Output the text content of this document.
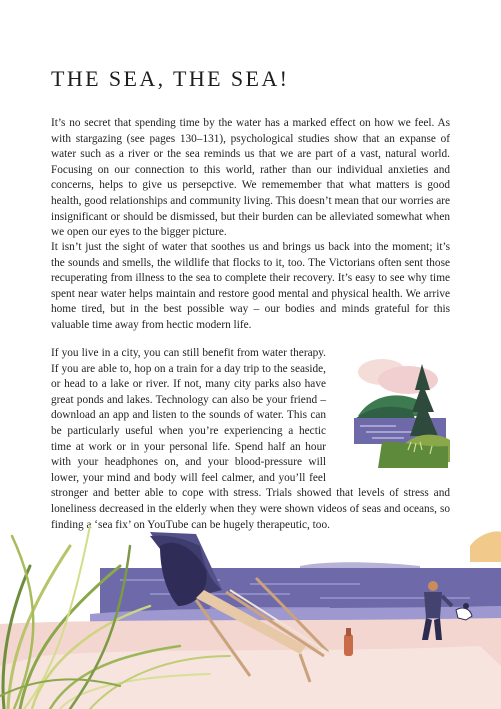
THE SEA, THE SEA!

It’s no secret that spending time by the water has a marked effect on how we feel. As with stargazing (see pages 130–131), psychological studies show that an expanse of water such as a river or the sea reminds us that we are part of a vast, natural world. Focusing on our connection to this world, rather than our individual anxieties and concerns, helps to give us persepctive. We rememember that what matters is good health, good relationships and community living. This doesn’t mean that our worries are insignificant or should be dismissed, but their burden can be alleviated somewhat when we open our eyes to the bigger picture.

It isn’t just the sight of water that soothes us and brings us back into the moment; it’s the sounds and smells, the wildlife that flocks to it, too. The Victorians often sent those recuperating from illness to the sea to complete their recovery. It’s easy to see why time spent near water helps maintain and restore good mental and physical health. We arrive home tired, but in the best possible way – our bodies and minds grateful for this valuable time away from hectic modern life.

If you live in a city, you can still benefit from water therapy. If you are able to, hop on a train for a day trip to the seaside, or head to a lake or river. If not, many city parks also have great ponds and lakes. Technology can also be your friend – download an app and listen to the sounds of water. This can be particularly useful when you’re experiencing a hectic time at work or in your personal life. Spend half an hour with your headphones on, and your blood-pressure will lower, your mind and body will feel calmer, and you’ll feel stronger and better able to cope with stress. Trials showed that levels of stress and loneliness decreased in the elderly when they were shown videos of seas and oceans, so finding a ‘sea fix’ on YouTube can be hugely therapeutic, too.
